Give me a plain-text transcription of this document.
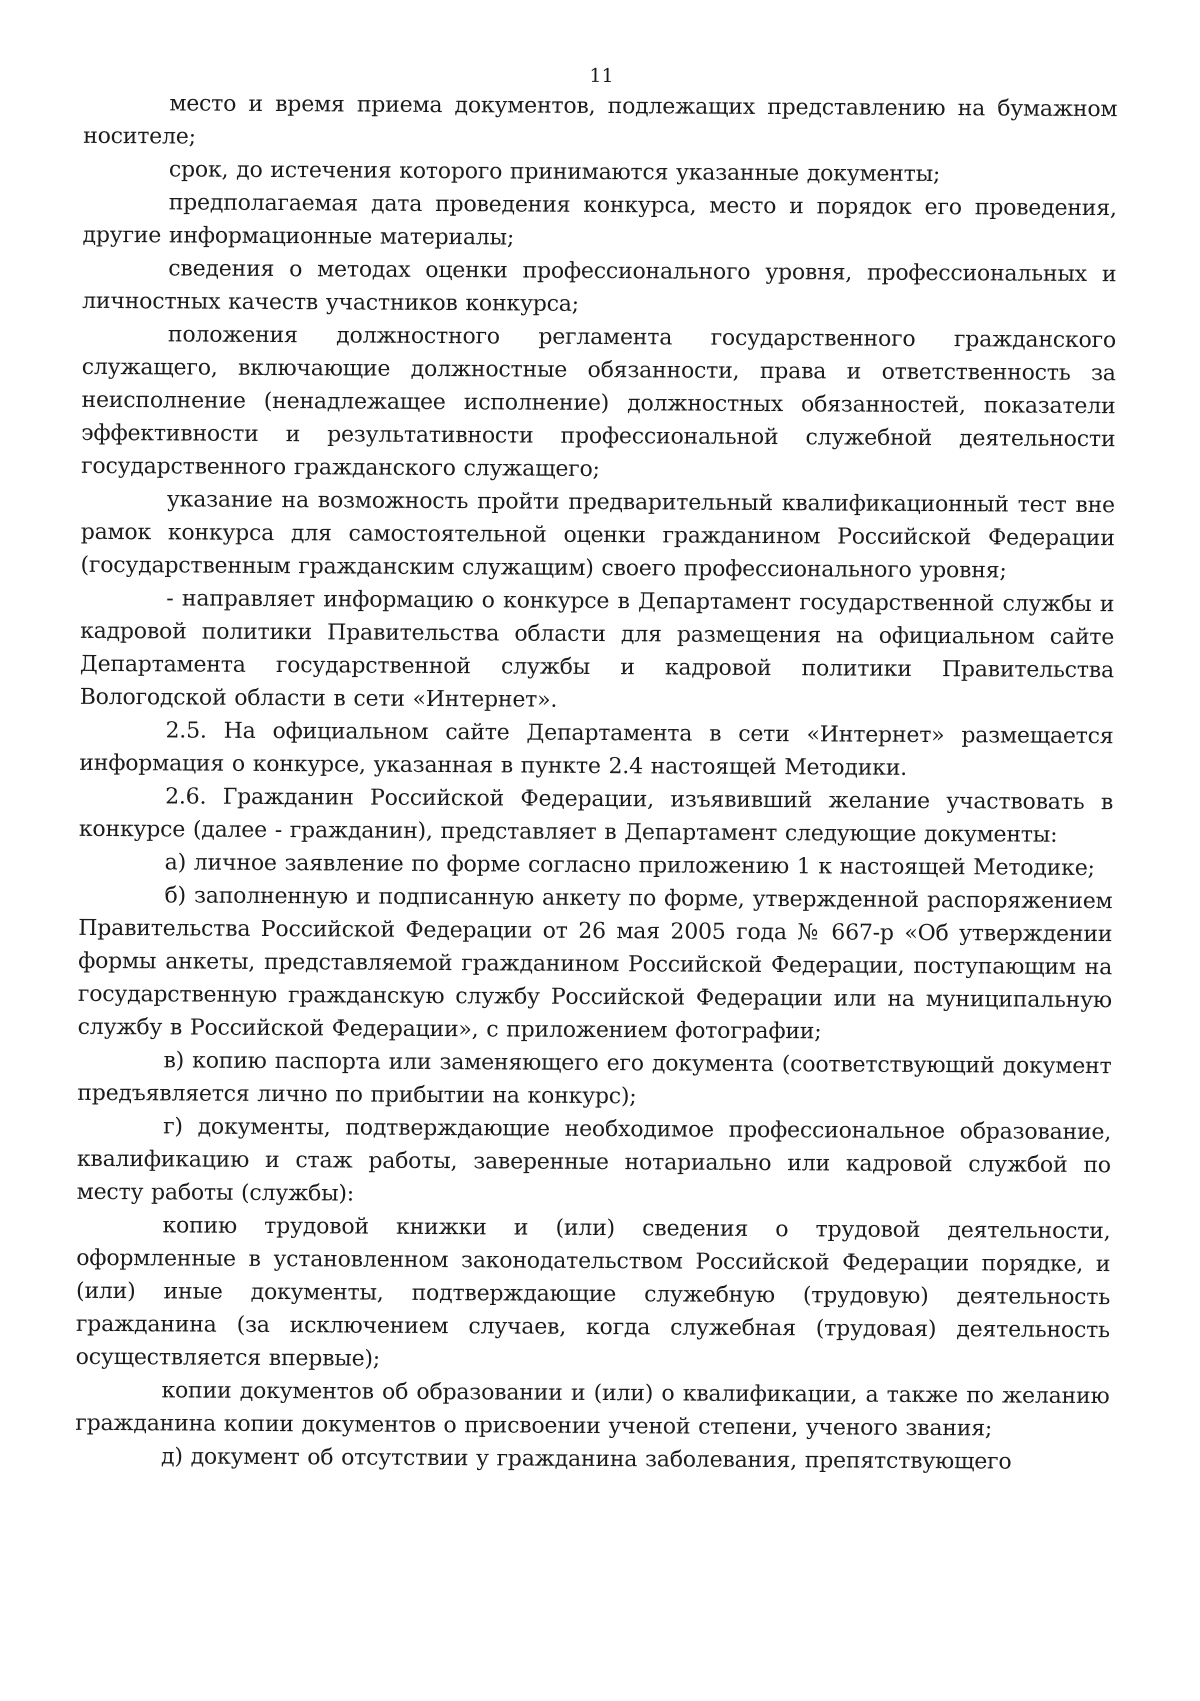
11

место и время приема документов, подлежащих представлению на бумажном носителе;

срок, до истечения которого принимаются указанные документы;

предполагаемая дата проведения конкурса, место и порядок его проведения, другие информационные материалы;

сведения о методах оценки профессионального уровня, профессиональных и личностных качеств участников конкурса;

положения должностного регламента государственного гражданского служащего, включающие должностные обязанности, права и ответственность за неисполнение (ненадлежащее исполнение) должностных обязанностей, показатели эффективности и результативности профессиональной служебной деятельности государственного гражданского служащего;

указание на возможность пройти предварительный квалификационный тест вне рамок конкурса для самостоятельной оценки гражданином Российской Федерации (государственным гражданским служащим) своего профессионального уровня;

- направляет информацию о конкурсе в Департамент государственной службы и кадровой политики Правительства области для размещения на официальном сайте Департамента государственной службы и кадровой политики Правительства Вологодской области в сети «Интернет».

2.5. На официальном сайте Департамента в сети «Интернет» размещается информация о конкурсе, указанная в пункте 2.4 настоящей Методики.

2.6. Гражданин Российской Федерации, изъявивший желание участвовать в конкурсе (далее - гражданин), представляет в Департамент следующие документы:

а) личное заявление по форме согласно приложению 1 к настоящей Методике;

б) заполненную и подписанную анкету по форме, утвержденной распоряжением Правительства Российской Федерации от 26 мая 2005 года № 667-р «Об утверждении формы анкеты, представляемой гражданином Российской Федерации, поступающим на государственную гражданскую службу Российской Федерации или на муниципальную службу в Российской Федерации», с приложением фотографии;

в) копию паспорта или заменяющего его документа (соответствующий документ предъявляется лично по прибытии на конкурс);

г) документы, подтверждающие необходимое профессиональное образование, квалификацию и стаж работы, заверенные нотариально или кадровой службой по месту работы (службы):

копию трудовой книжки и (или) сведения о трудовой деятельности, оформленные в установленном законодательством Российской Федерации порядке, и (или) иные документы, подтверждающие служебную (трудовую) деятельность гражданина (за исключением случаев, когда служебная (трудовая) деятельность осуществляется впервые);

копии документов об образовании и (или) о квалификации, а также по желанию гражданина копии документов о присвоении ученой степени, ученого звания;

д) документ об отсутствии у гражданина заболевания, препятствующего
